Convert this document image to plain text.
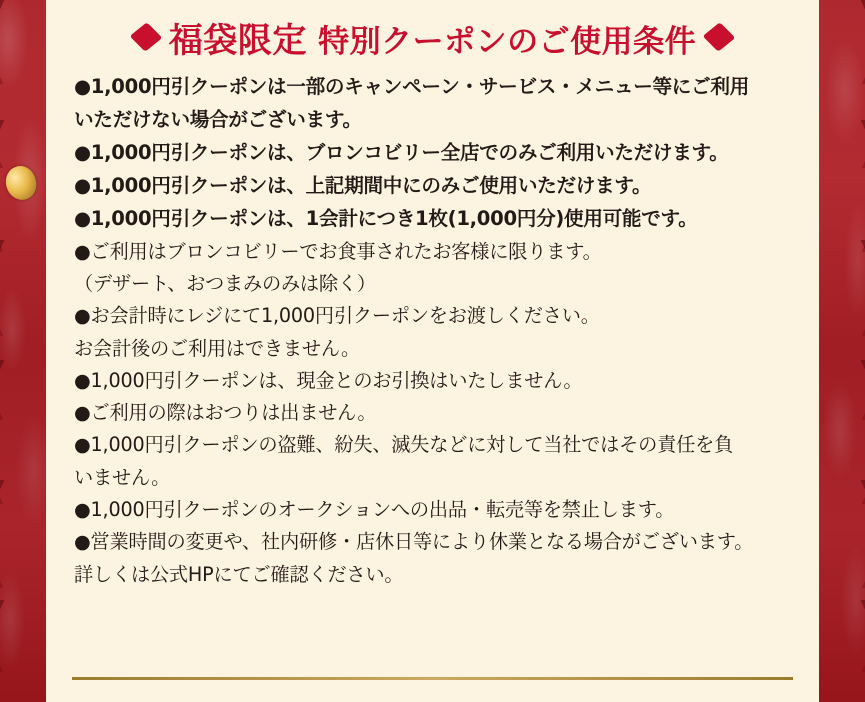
福袋限定 特別クーポンのご使用条件

●1,000円引クーポンは一部のキャンペーン・サービス・メニュー等にご利用

いただけない場合がございます。

●1,000円引クーポンは、ブロンコビリー全店でのみご利用いただけます。

●1,000円引クーポンは、上記期間中にのみご使用いただけます。

●1,000円引クーポンは、1会計につき1枚(1,000円分)使用可能です。

●ご利用はブロンコビリーでお食事されたお客様に限ります。

（デザート、おつまみのみは除く）

●お会計時にレジにて1,000円引クーポンをお渡しください。

お会計後のご利用はできません。

●1,000円引クーポンは、現金とのお引換はいたしません。

●ご利用の際はおつりは出ません。

●1,000円引クーポンの盗難、紛失、滅失などに対して当社ではその責任を負

いません。

●1,000円引クーポンのオークションへの出品・転売等を禁止します。

●営業時間の変更や、社内研修・店休日等により休業となる場合がございます。

詳しくは公式HPにてご確認ください。
